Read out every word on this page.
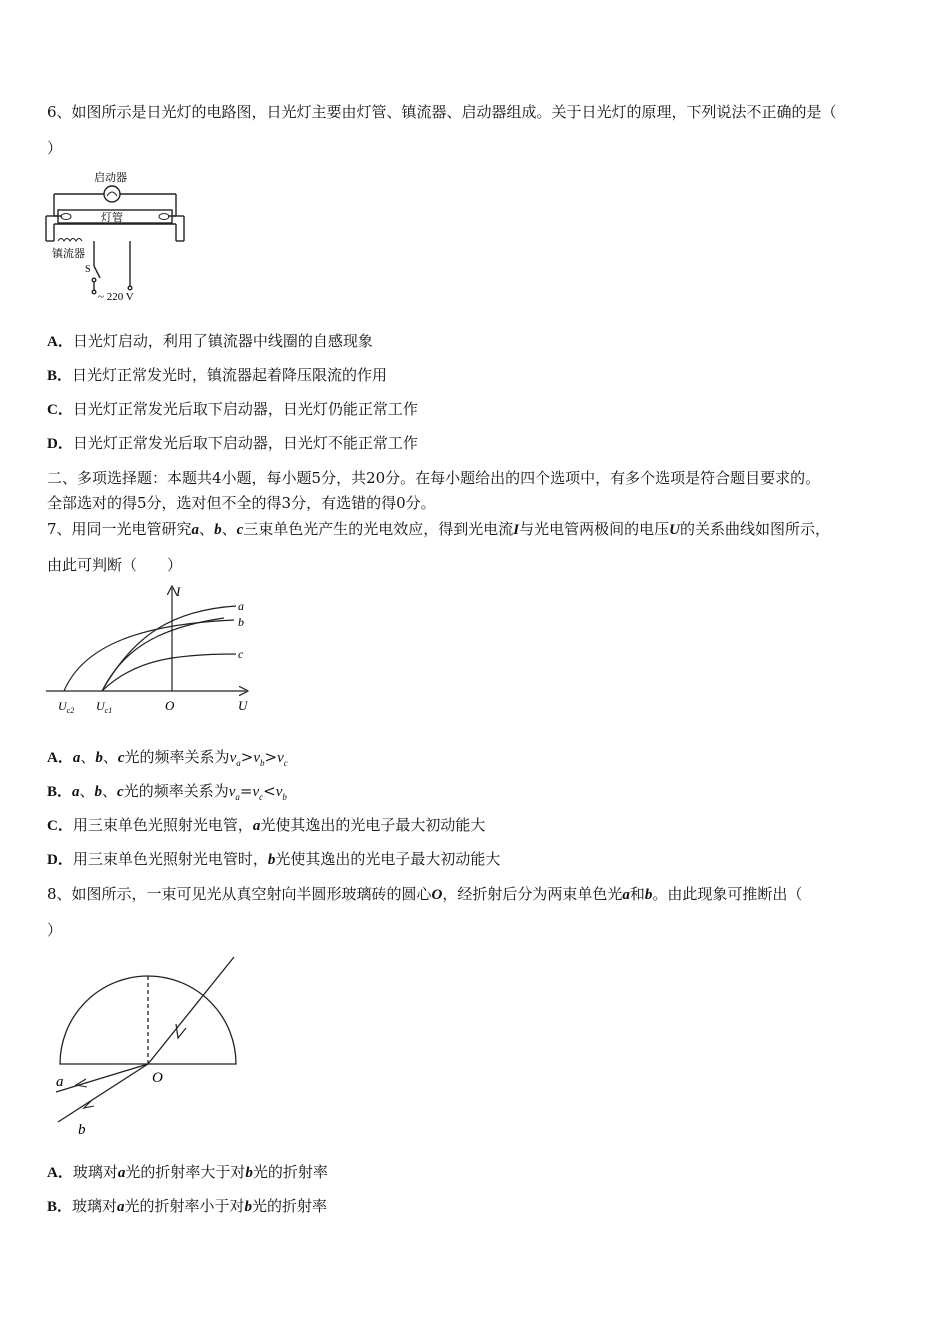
6、如图所示是日光灯的电路图，日光灯主要由灯管、镇流器、启动器组成。关于日光灯的原理，下列说法不正确的是（
）
启动器
灯管
镇流器
S
~ 220 V
A．日光灯启动，利用了镇流器中线圈的自感现象
B．日光灯正常发光时，镇流器起着降压限流的作用
C．日光灯正常发光后取下启动器，日光灯仍能正常工作
D．日光灯正常发光后取下启动器，日光灯不能正常工作
二、多项选择题：本题共4小题，每小题5分，共20分。在每小题给出的四个选项中，有多个选项是符合题目要求的。
全部选对的得5分，选对但不全的得3分，有选错的得0分。
7、用同一光电管研究a、b、c三束单色光产生的光电效应，得到光电流I与光电管两极间的电压U的关系曲线如图所示，
由此可判断（　　）
I
U
O
$U_{c2}$ $U_{c1}$
a
b
c
A．a、b、c光的频率关系为$\nu_a>\nu_b>\nu_c$
B．a、b、c光的频率关系为$\nu_a=\nu_c<\nu_b$
C．用三束单色光照射光电管，a光使其逸出的光电子最大初动能大
D．用三束单色光照射光电管时，b光使其逸出的光电子最大初动能大
8、如图所示，一束可见光从真空射向半圆形玻璃砖的圆心O，经折射后分为两束单色光a和b。由此现象可推断出（
）
O
a
b
A．玻璃对a光的折射率大于对b光的折射率
B．玻璃对a光的折射率小于对b光的折射率
